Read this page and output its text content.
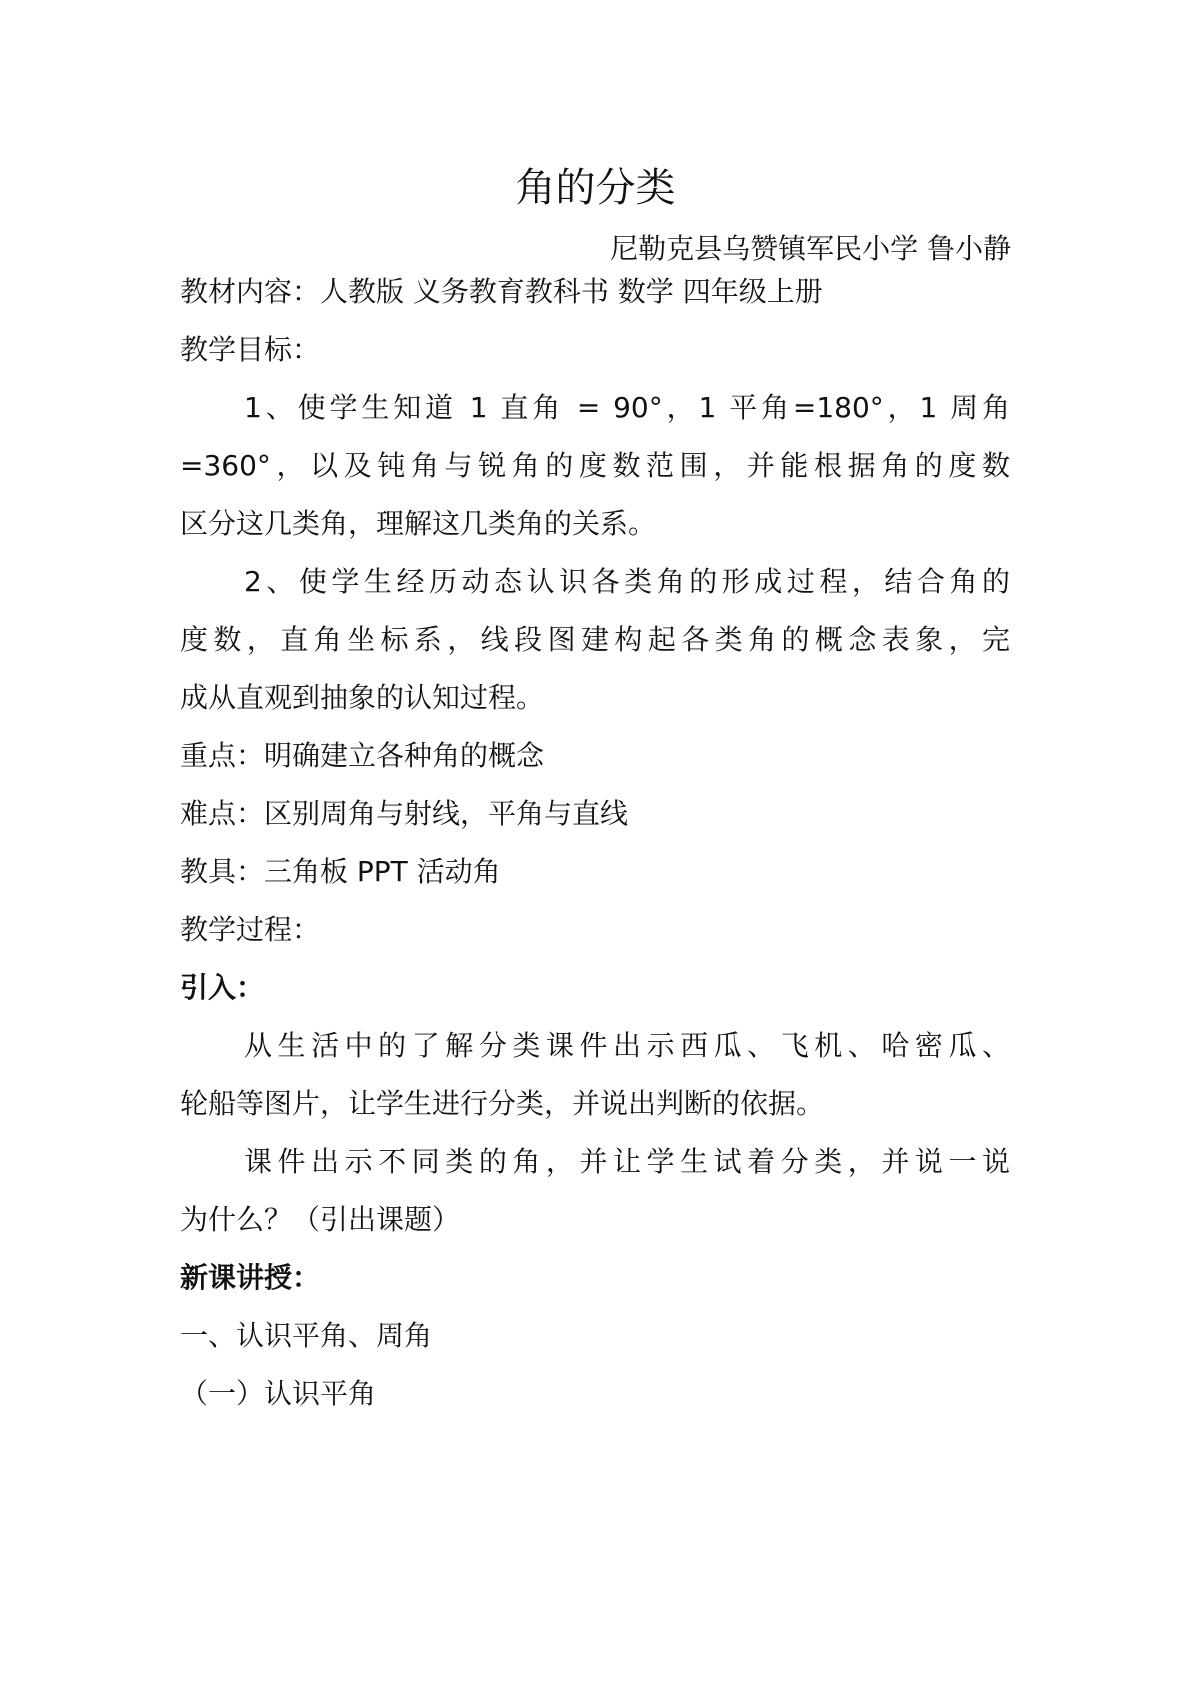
角的分类
尼勒克县乌赞镇军民小学 鲁小静
教材内容：人教版 义务教育教科书 数学 四年级上册
教学目标：
1、使学生知道 1 直角 = 90°，1 平角=180°，1 周角
=360°，以及钝角与锐角的度数范围，并能根据角的度数
区分这几类角，理解这几类角的关系。
2、使学生经历动态认识各类角的形成过程，结合角的
度数，直角坐标系，线段图建构起各类角的概念表象，完
成从直观到抽象的认知过程。
重点：明确建立各种角的概念
难点：区别周角与射线，平角与直线
教具：三角板 PPT 活动角
教学过程：
引入：
从生活中的了解分类课件出示西瓜、飞机、哈密瓜、
轮船等图片，让学生进行分类，并说出判断的依据。
课件出示不同类的角，并让学生试着分类，并说一说
为什么？（引出课题）
新课讲授：
一、认识平角、周角
（一）认识平角
